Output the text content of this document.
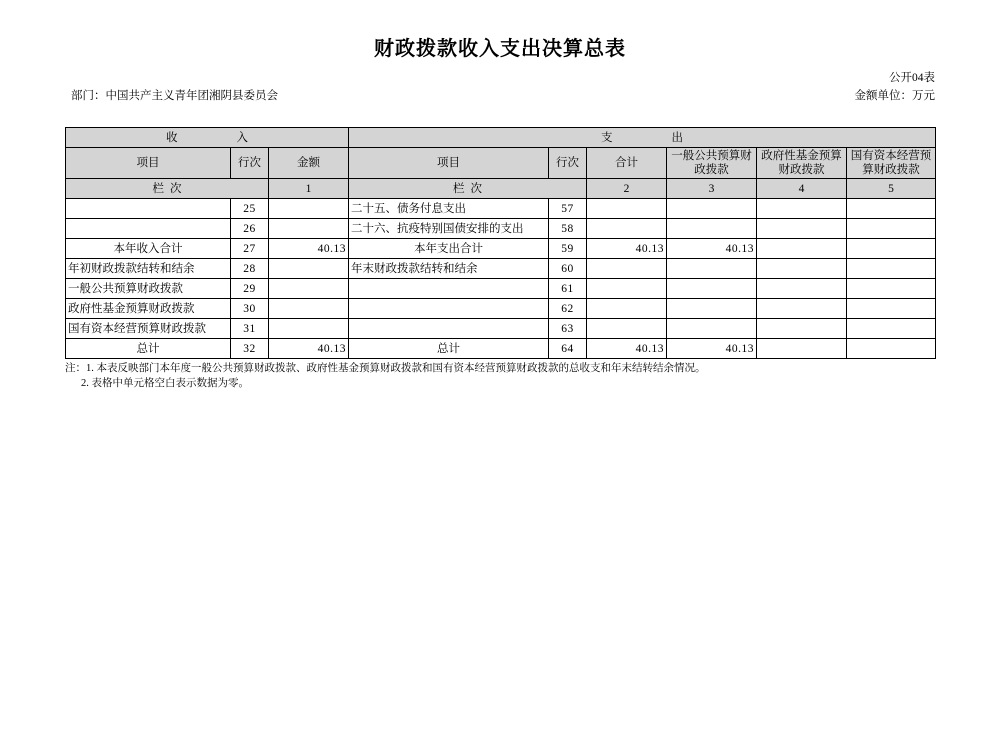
财政拨款收入支出决算总表
公开04表
部门：中国共产主义青年团湘阴县委员会	金额单位：万元
收　　入			支　　出					
项目	行次	金额	项目	行次	合计	一般公共预算财政拨款	政府性基金预算财政拨款	国有资本经营预算财政拨款
栏次		1	栏次		2	3	4	5
	25		二十五、债务付息支出	57				
	26		二十六、抗疫特别国债安排的支出	58				
本年收入合计	27	40.13	本年支出合计	59	40.13	40.13		
年初财政拨款结转和结余	28		年末财政拨款结转和结余	60				
一般公共预算财政拨款	29			61				
政府性基金预算财政拨款	30			62				
国有资本经营预算财政拨款	31			63				
总计	32	40.13	总计	64	40.13	40.13		
注：1. 本表反映部门本年度一般公共预算财政拨款、政府性基金预算财政拨款和国有资本经营预算财政拨款的总收支和年末结转结余情况。
2. 表格中单元格空白表示数据为零。
